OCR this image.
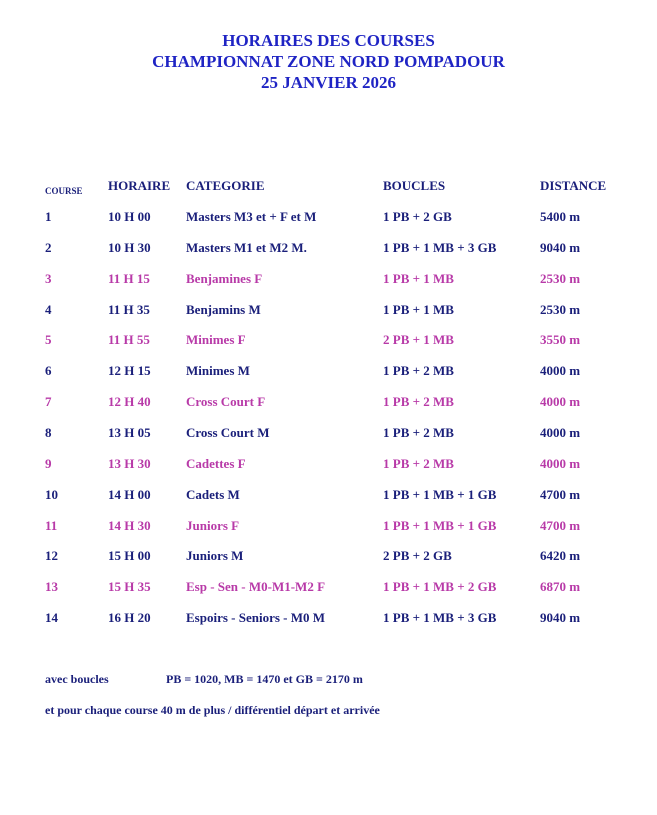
HORAIRES DES COURSES
CHAMPIONNAT ZONE NORD POMPADOUR
25 JANVIER 2026
COURSE HORAIRE CATEGORIE	BOUCLES	DISTANCE
1	10 H 00	Masters M3 et + F et M	1 PB + 2 GB	5400 m
2	10 H 30	Masters M1 et M2 M.	1 PB + 1 MB + 3 GB	9040 m
3	11 H 15	Benjamines F	1 PB + 1 MB	2530 m
4	11 H 35	Benjamins M	1 PB + 1 MB	2530 m
5	11 H 55	Minimes F	2 PB + 1 MB	3550 m
6	12 H 15	Minimes M	1 PB + 2 MB	4000 m
7	12 H 40	Cross Court F	1 PB + 2 MB	4000 m
8	13 H 05	Cross Court M	1 PB + 2 MB	4000 m
9	13 H 30	Cadettes F	1 PB + 2 MB	4000 m
10	14 H 00	Cadets M	1 PB + 1 MB + 1 GB	4700 m
11	14 H 30	Juniors F	1 PB + 1 MB + 1 GB	4700 m
12	15 H 00	Juniors M	2 PB + 2 GB	6420 m
13	15 H 35	Esp - Sen - M0-M1-M2 F	1 PB + 1 MB + 2 GB	6870 m
14	16 H 20	Espoirs - Seniors - M0 M	1 PB + 1 MB + 3 GB	9040 m
avec boucles	PB = 1020, MB = 1470 et GB = 2170 m
et pour chaque course 40 m de plus / différentiel départ et arrivée
